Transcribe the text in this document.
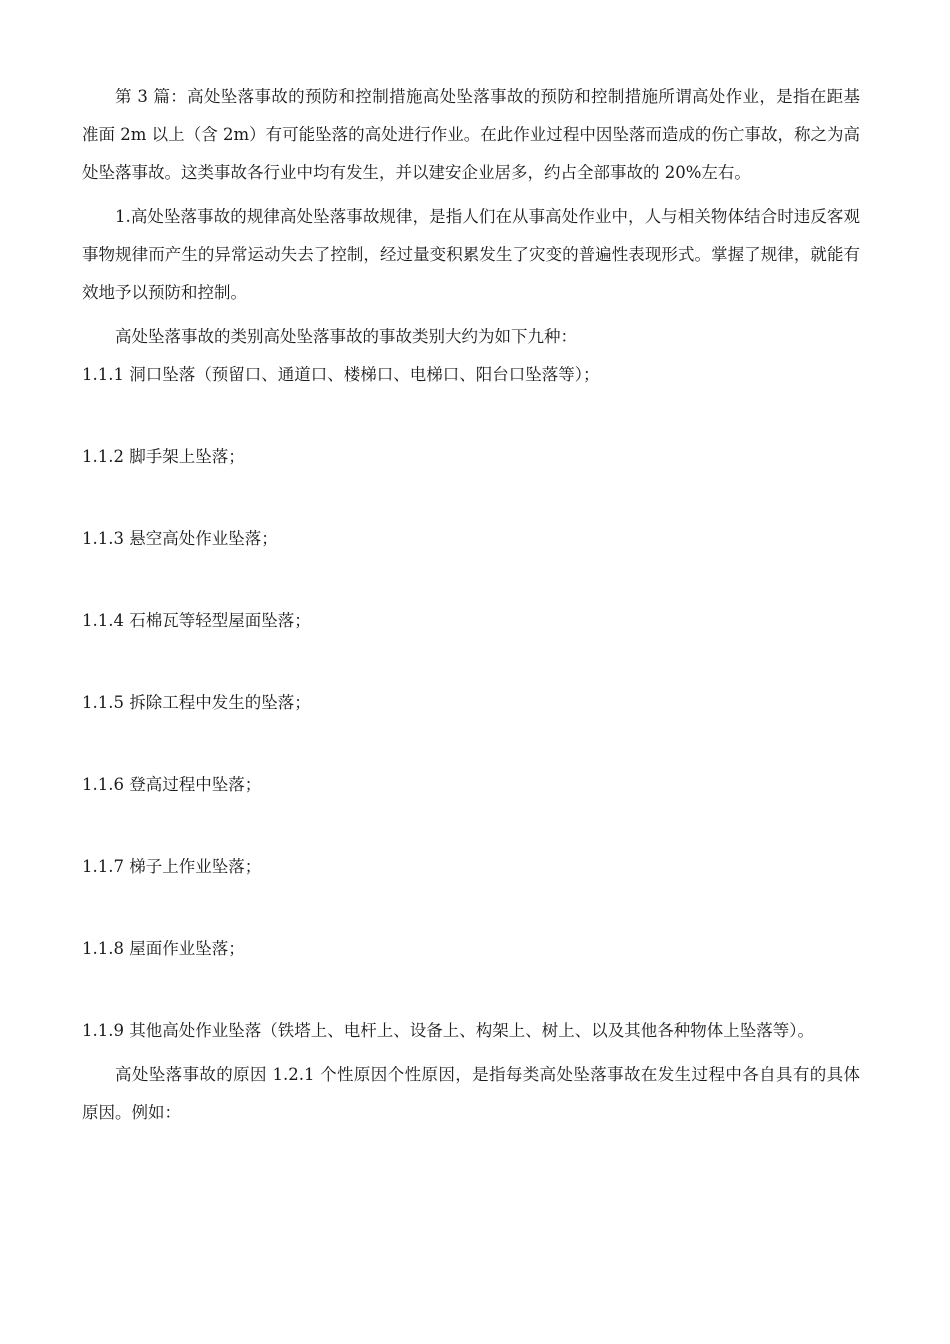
第 3 篇：高处坠落事故的预防和控制措施高处坠落事故的预防和控制措施所谓高处作业，是指在距基准面 2m 以上（含 2m）有可能坠落的高处进行作业。在此作业过程中因坠落而造成的伤亡事故，称之为高处坠落事故。这类事故各行业中均有发生，并以建安企业居多，约占全部事故的 20%左右。

1.高处坠落事故的规律高处坠落事故规律，是指人们在从事高处作业中，人与相关物体结合时违反客观事物规律而产生的异常运动失去了控制，经过量变积累发生了灾变的普遍性表现形式。掌握了规律，就能有效地予以预防和控制。

高处坠落事故的类别高处坠落事故的事故类别大约为如下九种：

1.1.1 洞口坠落（预留口、通道口、楼梯口、电梯口、阳台口坠落等）；

1.1.2 脚手架上坠落；

1.1.3 悬空高处作业坠落；

1.1.4 石棉瓦等轻型屋面坠落；

1.1.5 拆除工程中发生的坠落；

1.1.6 登高过程中坠落；

1.1.7 梯子上作业坠落；

1.1.8 屋面作业坠落；

1.1.9 其他高处作业坠落（铁塔上、电杆上、设备上、构架上、树上、以及其他各种物体上坠落等）。

高处坠落事故的原因 1.2.1 个性原因个性原因，是指每类高处坠落事故在发生过程中各自具有的具体原因。例如：
